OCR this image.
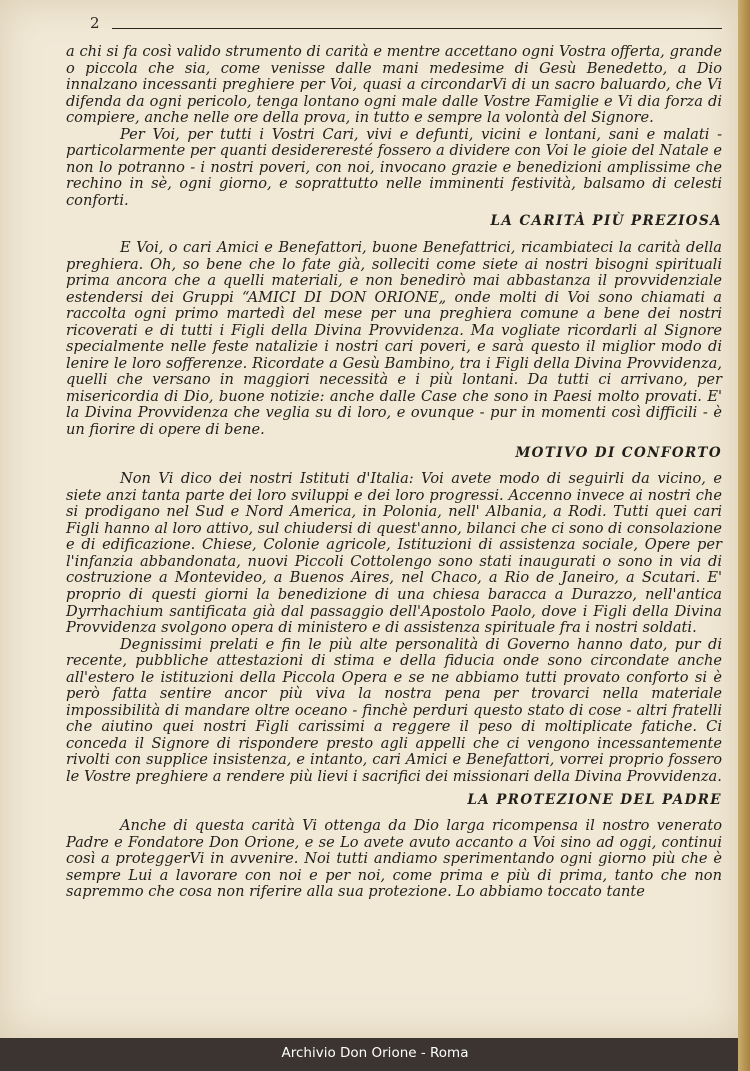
2

a chi si fa così valido strumento di carità e mentre accettano ogni Vostra offerta, grande o piccola che sia, come venisse dalle mani medesime di Gesù Benedetto, a Dio innalzano incessanti preghiere per Voi, quasi a circondarVi di un sacro baluardo, che Vi difenda da ogni pericolo, tenga lontano ogni male dalle Vostre Famiglie e Vi dia forza di compiere, anche nelle ore della prova, in tutto e sempre la volontà del Signore.

Per Voi, per tutti i Vostri Cari, vivi e defunti, vicini e lontani, sani e malati - particolarmente per quanti desidereresté fossero a dividere con Voi le gioie del Natale e non lo potranno - i nostri poveri, con noi, invocano grazie e benedizioni amplissime che rechino in sè, ogni giorno, e soprattutto nelle imminenti festività, balsamo di celesti conforti.

LA CARITÀ PIÙ PREZIOSA

E Voi, o cari Amici e Benefattori, buone Benefattrici, ricambiateci la carità della preghiera. Oh, so bene che lo fate già, solleciti come siete ai nostri bisogni spirituali prima ancora che a quelli materiali, e non benedirò mai abbastanza il provvidenziale estendersi dei Gruppi “AMICI DI DON ORIONE„ onde molti di Voi sono chiamati a raccolta ogni primo martedì del mese per una preghiera comune a bene dei nostri ricoverati e di tutti i Figli della Divina Provvidenza. Ma vogliate ricordarli al Signore specialmente nelle feste natalizie i nostri cari poveri, e sarà questo il miglior modo di lenire le loro sofferenze. Ricordate a Gesù Bambino, tra i Figli della Divina Provvidenza, quelli che versano in maggiori necessità e i più lontani. Da tutti ci arrivano, per misericordia di Dio, buone notizie: anche dalle Case che sono in Paesi molto provati. E' la Divina Provvidenza che veglia su di loro, e ovunque - pur in momenti così difficili - è un fiorire di opere di bene.

MOTIVO DI CONFORTO

Non Vi dico dei nostri Istituti d'Italia: Voi avete modo di seguirli da vicino, e siete anzi tanta parte dei loro sviluppi e dei loro progressi. Accenno invece ai nostri che si prodigano nel Sud e Nord America, in Polonia, nell' Albania, a Rodi. Tutti quei cari Figli hanno al loro attivo, sul chiudersi di quest'anno, bilanci che ci sono di consolazione e di edificazione. Chiese, Colonie agricole, Istituzioni di assistenza sociale, Opere per l'infanzia abbandonata, nuovi Piccoli Cottolengo sono stati inaugurati o sono in via di costruzione a Montevideo, a Buenos Aires, nel Chaco, a Rio de Janeiro, a Scutari. E' proprio di questi giorni la benedizione di una chiesa baracca a Durazzo, nell'antica Dyrrhachium santificata già dal passaggio dell'Apostolo Paolo, dove i Figli della Divina Provvidenza svolgono opera di ministero e di assistenza spirituale fra i nostri soldati.

Degnissimi prelati e fin le più alte personalità di Governo hanno dato, pur di recente, pubbliche attestazioni di stima e della fiducia onde sono circondate anche all'estero le istituzioni della Piccola Opera e se ne abbiamo tutti provato conforto si è però fatta sentire ancor più viva la nostra pena per trovarci nella materiale impossibilità di mandare oltre oceano - finchè perduri questo stato di cose - altri fratelli che aiutino quei nostri Figli carissimi a reggere il peso di moltiplicate fatiche. Ci conceda il Signore di rispondere presto agli appelli che ci vengono incessantemente rivolti con supplice insistenza, e intanto, cari Amici e Benefattori, vorrei proprio fossero le Vostre preghiere a rendere più lievi i sacrifici dei missionari della Divina Provvidenza.

LA PROTEZIONE DEL PADRE

Anche di questa carità Vi ottenga da Dio larga ricompensa il nostro venerato Padre e Fondatore Don Orione, e se Lo avete avuto accanto a Voi sino ad oggi, continui così a proteggerVi in avvenire. Noi tutti andiamo sperimentando ogni giorno più che è sempre Lui a lavorare con noi e per noi, come prima e più di prima, tanto che non sapremmo che cosa non riferire alla sua protezione. Lo abbiamo toccato tante

Archivio Don Orione - Roma
